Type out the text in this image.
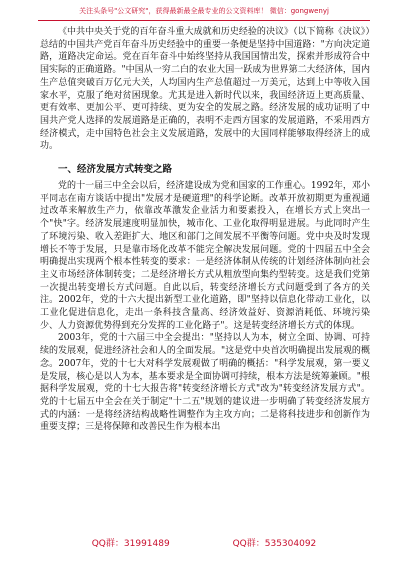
关注头条号"公文研究"，获得最新最全最专业的公文资料库！ 微信：gongwenyj

《中共中央关于党的百年奋斗重大成就和历史经验的决议》（以下简称《决议》）总结的中国共产党百年奋斗历史经验中的重要一条便是坚持中国道路："方向决定道路，道路决定命运。党在百年奋斗中始终坚持从我国国情出发，探索并形成符合中国实际的正确道路。"中国从一穷二白的农业大国一跃成为世界第二大经济体，国内生产总值突破百万亿元大关，人均国内生产总值超过一万美元，达到上中等收入国家水平，克服了绝对贫困现象。尤其是进入新时代以来，我国经济迈上更高质量、更有效率、更加公平、更可持续、更为安全的发展之路。经济发展的成功证明了中国共产党人选择的发展道路是正确的，表明不走西方国家的发展道路，不采用西方经济模式，走中国特色社会主义发展道路，发展中的大国同样能够取得经济上的成功。

一、经济发展方式转变之路

党的十一届三中全会以后，经济建设成为党和国家的工作重心。1992年，邓小平同志在南方谈话中提出"发展才是硬道理"的科学论断。改革开放初期更为重视通过改革来解放生产力，依靠改革激发企业活力和要素投入，在增长方式上突出一个"快"字。经济发展速度明显加快，城市化、工业化取得明显进展。与此同时产生了环境污染、收入差距扩大、地区和部门之间发展不平衡等问题。党中央及时发现增长不等于发展，只是靠市场化改革不能完全解决发展问题。党的十四届五中全会明确提出实现两个根本性转变的要求：一是经济体制从传统的计划经济体制向社会主义市场经济体制转变；二是经济增长方式从粗放型向集约型转变。这是我们党第一次提出转变增长方式问题。自此以后，转变经济增长方式问题受到了各方的关注。2002年，党的十六大提出新型工业化道路，即"坚持以信息化带动工业化，以工业化促进信息化，走出一条科技含量高、经济效益好、资源消耗低、环境污染少、人力资源优势得到充分发挥的工业化路子"。这是转变经济增长方式的体现。

2003年，党的十六届三中全会提出："坚持以人为本，树立全面、协调、可持续的发展观，促进经济社会和人的全面发展。"这是党中央首次明确提出发展观的概念。2007年，党的十七大对科学发展观做了明确的概括："科学发展观，第一要义是发展，核心是以人为本，基本要求是全面协调可持续，根本方法是统筹兼顾。"根据科学发展观，党的十七大报告将"转变经济增长方式"改为"转变经济发展方式"。党的十七届五中全会在关于制定"十二五"规划的建议进一步明确了转变经济发展方式的内涵：一是将经济结构战略性调整作为主攻方向；二是将科技进步和创新作为重要支撑；三是将保障和改善民生作为根本出

QQ群：31991489	QQ群：535304092
